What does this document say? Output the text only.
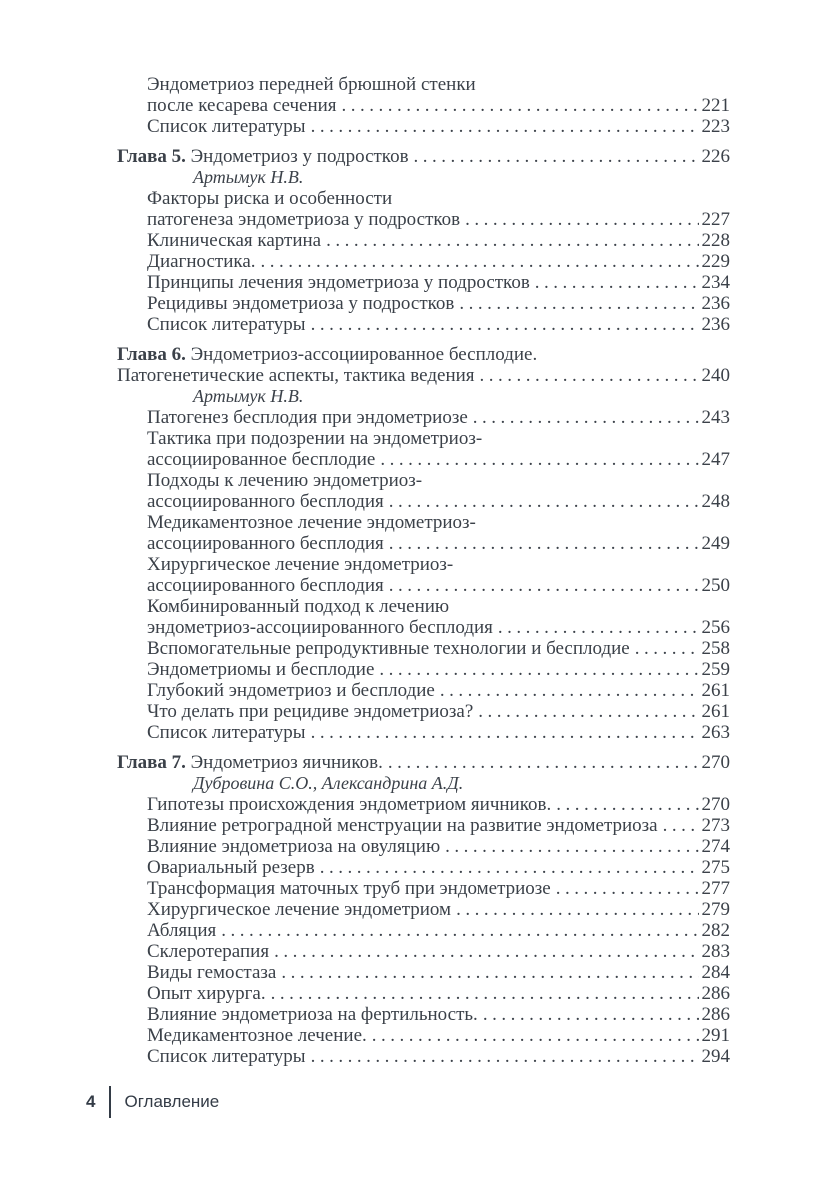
Эндометриоз передней брюшной стенки
после кесарева сечения .....	221
Список литературы .....	223
Глава 5. Эндометриоз у подростков .....	226
Артымук Н.В.
Факторы риска и особенности
патогенеза эндометриоза у подростков .....	227
Клиническая картина .....	228
Диагностика. .....	229
Принципы лечения эндометриоза у подростков .....	234
Рецидивы эндометриоза у подростков .....	236
Список литературы .....	236
Глава 6. Эндометриоз-ассоциированное бесплодие.
Патогенетические аспекты, тактика ведения .....	240
Артымук Н.В.
Патогенез бесплодия при эндометриозе .....	243
Тактика при подозрении на эндометриоз-
ассоциированное бесплодие .....	247
Подходы к лечению эндометриоз-
ассоциированного бесплодия .....	248
Медикаментозное лечение эндометриоз-
ассоциированного бесплодия .....	249
Хирургическое лечение эндометриоз-
ассоциированного бесплодия .....	250
Комбинированный подход к лечению
эндометриоз-ассоциированного бесплодия .....	256
Вспомогательные репродуктивные технологии и бесплодие .....	258
Эндометриомы и бесплодие .....	259
Глубокий эндометриоз и бесплодие .....	261
Что делать при рецидиве эндометриоза? .....	261
Список литературы .....	263
Глава 7. Эндометриоз яичников. .....	270
Дубровина С.О., Александрина А.Д.
Гипотезы происхождения эндометриом яичников. .....	270
Влияние ретроградной менструации на развитие эндометриоза ..... 273
Влияние эндометриоза на овуляцию .....	274
Овариальный резерв .....	275
Трансформация маточных труб при эндометриозе .....	277
Хирургическое лечение эндометриом .....	279
Абляция .....	282
Склеротерапия .....	283
Виды гемостаза .....	284
Опыт хирурга. .....	286
Влияние эндометриоза на фертильность. .....	286
Медикаментозное лечение. .....	291
Список литературы .....	294
4 Оглавление
